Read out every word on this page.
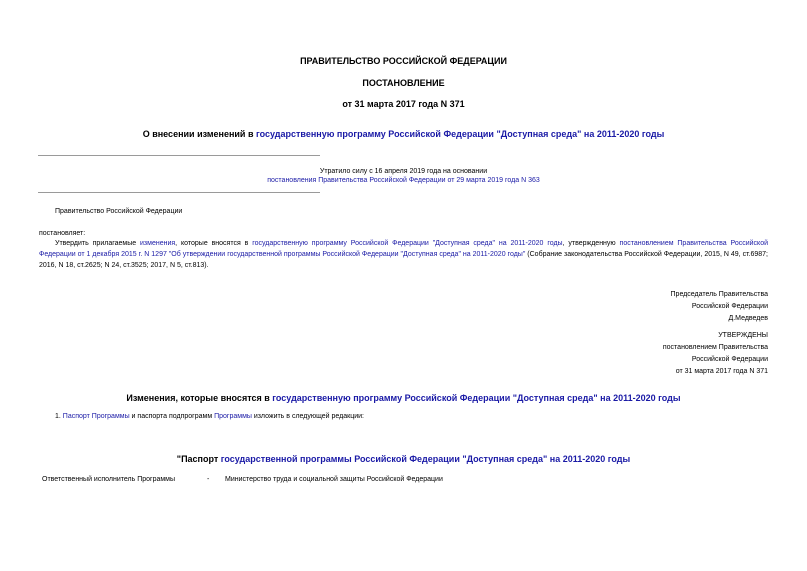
ПРАВИТЕЛЬСТВО РОССИЙСКОЙ ФЕДЕРАЦИИ
ПОСТАНОВЛЕНИЕ
от 31 марта 2017 года N 371
О внесении изменений в государственную программу Российской Федерации "Доступная среда" на 2011-2020 годы
Утратило силу с 16 апреля 2019 года на основании
постановления Правительства Российской Федерации от 29 марта 2019 года N 363
Правительство Российской Федерации
постановляет:
Утвердить прилагаемые изменения, которые вносятся в государственную программу Российской Федерации "Доступная среда" на 2011-2020 годы, утвержденную постановлением Правительства Российской Федерации от 1 декабря 2015 г. N 1297 "Об утверждении государственной программы Российской Федерации "Доступная среда" на 2011-2020 годы" (Собрание законодательства Российской Федерации, 2015, N 49, ст.6987; 2016, N 18, ст.2625; N 24, ст.3525; 2017, N 5, ст.813).
Председатель Правительства
Российской Федерации
Д.Медведев
УТВЕРЖДЕНЫ
постановлением Правительства
Российской Федерации
от 31 марта 2017 года N 371
Изменения, которые вносятся в государственную программу Российской Федерации "Доступная среда" на 2011-2020 годы
1. Паспорт Программы и паспорта подпрограмм Программы изложить в следующей редакции:
"Паспорт государственной программы Российской Федерации "Доступная среда" на 2011-2020 годы
Ответственный исполнитель Программы	- Министерство труда и социальной защиты Российской Федерации
